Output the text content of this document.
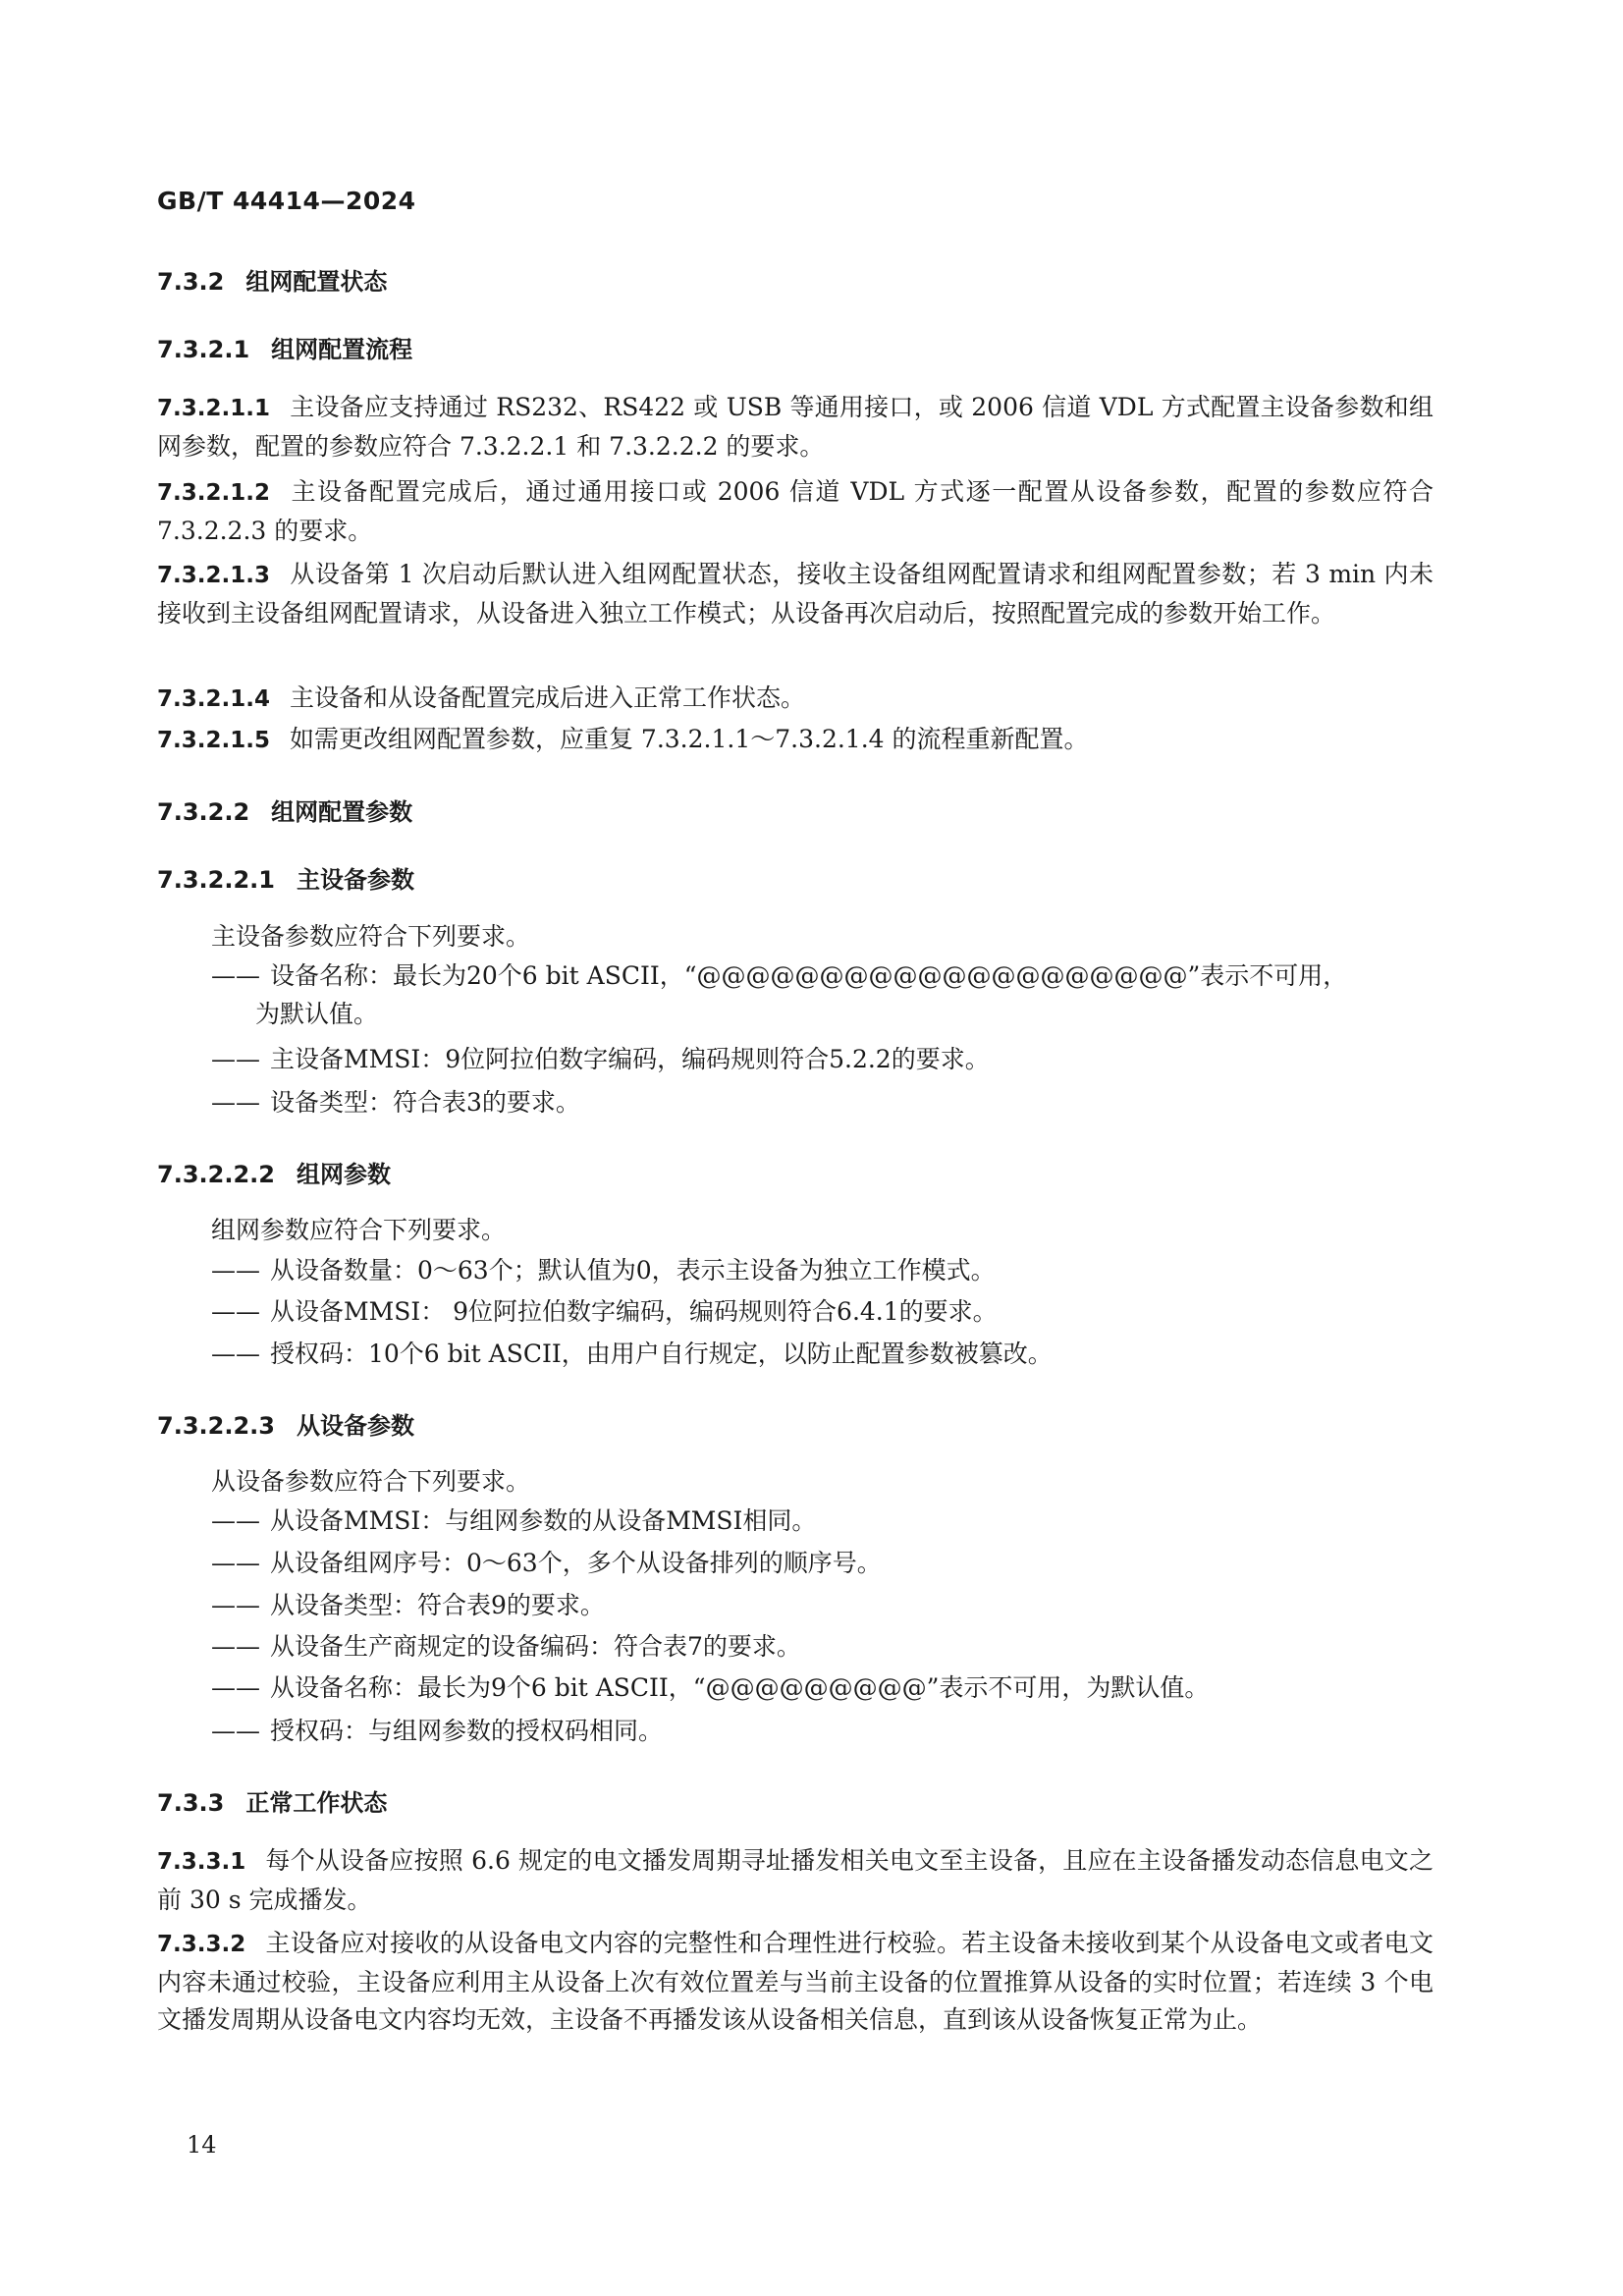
GB/T 44414—2024
7.3.2 组网配置状态
7.3.2.1 组网配置流程
7.3.2.1.1 主设备应支持通过 RS232、RS422 或 USB 等通用接口，或 2006 信道 VDL 方式配置主设备参数和组网参数，配置的参数应符合 7.3.2.2.1 和 7.3.2.2.2 的要求。
7.3.2.1.2 主设备配置完成后，通过通用接口或 2006 信道 VDL 方式逐一配置从设备参数，配置的参数应符合 7.3.2.2.3 的要求。
7.3.2.1.3 从设备第 1 次启动后默认进入组网配置状态，接收主设备组网配置请求和组网配置参数；若 3 min 内未接收到主设备组网配置请求，从设备进入独立工作模式；从设备再次启动后，按照配置完成的参数开始工作。
7.3.2.1.4 主设备和从设备配置完成后进入正常工作状态。
7.3.2.1.5 如需更改组网配置参数，应重复 7.3.2.1.1～7.3.2.1.4 的流程重新配置。
7.3.2.2 组网配置参数
7.3.2.2.1 主设备参数
主设备参数应符合下列要求。
—— 设备名称：最长为20个6 bit ASCII，“@@@@@@@@@@@@@@@@@@@@”表示不可用，
为默认值。
—— 主设备MMSI：9位阿拉伯数字编码，编码规则符合5.2.2的要求。
—— 设备类型：符合表3的要求。
7.3.2.2.2 组网参数
组网参数应符合下列要求。
—— 从设备数量：0～63个；默认值为0，表示主设备为独立工作模式。
—— 从设备MMSI： 9位阿拉伯数字编码，编码规则符合6.4.1的要求。
—— 授权码：10个6 bit ASCII，由用户自行规定，以防止配置参数被篡改。
7.3.2.2.3 从设备参数
从设备参数应符合下列要求。
—— 从设备MMSI：与组网参数的从设备MMSI相同。
—— 从设备组网序号：0～63个，多个从设备排列的顺序号。
—— 从设备类型：符合表9的要求。
—— 从设备生产商规定的设备编码：符合表7的要求。
—— 从设备名称：最长为9个6 bit ASCII，“@@@@@@@@@”表示不可用，为默认值。
—— 授权码：与组网参数的授权码相同。
7.3.3 正常工作状态
7.3.3.1 每个从设备应按照 6.6 规定的电文播发周期寻址播发相关电文至主设备，且应在主设备播发动态信息电文之前 30 s 完成播发。
7.3.3.2 主设备应对接收的从设备电文内容的完整性和合理性进行校验。若主设备未接收到某个从设备电文或者电文内容未通过校验，主设备应利用主从设备上次有效位置差与当前主设备的位置推算从设备的实时位置；若连续 3 个电文播发周期从设备电文内容均无效，主设备不再播发该从设备相关信息，直到该从设备恢复正常为止。
14
